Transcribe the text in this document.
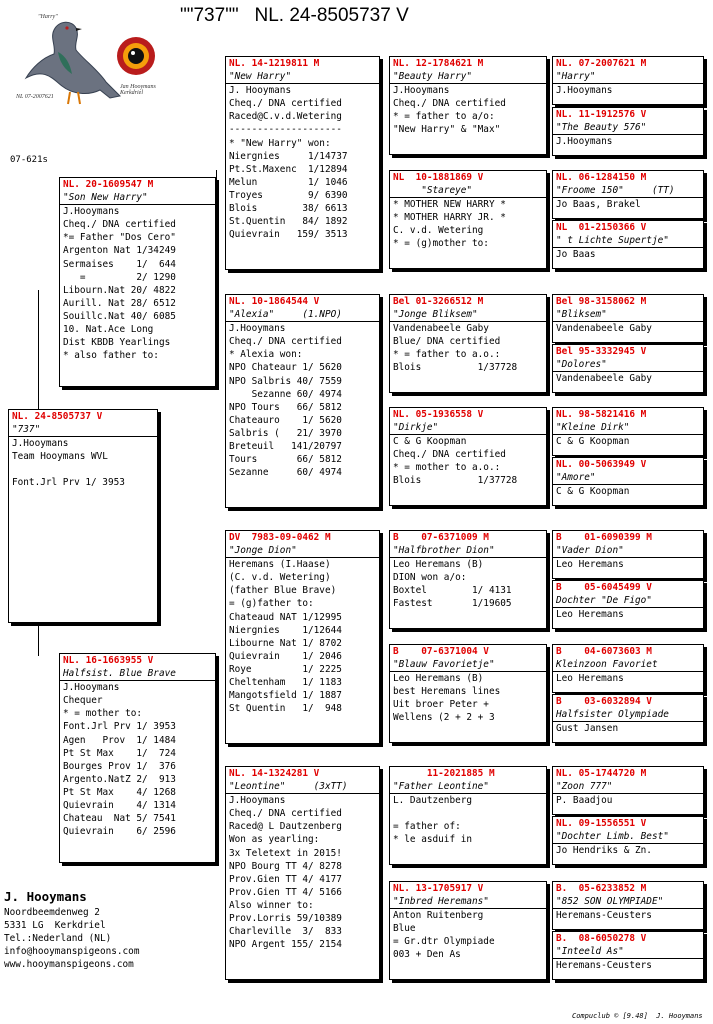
""737""   NL. 24-8505737 V
"Harry"
Jan Hooymans
Kerkdriel
NL 07-2007621
07-621s
NL. 24-8505737 V
"737"
J.Hooymans
Team Hooymans WVL
Font.Jrl Prv 1/ 3953
NL. 20-1609547 M
"Son New Harry"
J.Hooymans
Cheq./ DNA certified
*= Father "Dos Cero"
Argenton Nat 1/34249
Sermaises    1/  644
=         2/ 1290
Libourn.Nat 20/ 4822
Aurill. Nat 28/ 6512
Souillc.Nat 40/ 6085
10. Nat.Ace Long
Dist KBDB Yearlings
* also father to:
NL. 16-1663955 V
Halfsist. Blue Brave
J.Hooymans
Chequer
* = mother to:
Font.Jrl Prv 1/ 3953
Agen   Prov  1/ 1484
Pt St Max    1/  724
Bourges Prov 1/  376
Argento.NatZ 2/  913
Pt St Max    4/ 1268
Quievrain    4/ 1314
Chateau  Nat 5/ 7541
Quievrain    6/ 2596
NL. 14-1219811 M
"New Harry"
J. Hooymans
Cheq./ DNA certified
Raced@C.v.d.Wetering
--------------------
* "New Harry" won:
Niergnies     1/14737
Pt.St.Maxenc  1/12894
Melun         1/ 1046
Troyes        9/ 6390
Blois        38/ 6613
St.Quentin   84/ 1892
Quievrain   159/ 3513
NL. 10-1864544 V
"Alexia"     (1.NPO)
J.Hooymans
Cheq./ DNA certified
* Alexia won:
NPO Chateaur 1/ 5620
NPO Salbris 40/ 7559
Sezanne 60/ 4974
NPO Tours   66/ 5812
Chateauro    1/ 5620
Salbris (   21/ 3970
Breteuil   141/20797
Tours       66/ 5812
Sezanne     60/ 4974
DV  7983-09-0462 M
"Jonge Dion"
Heremans (I.Haase)
(C. v.d. Wetering)
(father Blue Brave)
= (g)father to:
Chateaud NAT 1/12995
Niergnies    1/12644
Libourne Nat 1/ 8702
Quievrain    1/ 2046
Roye         1/ 2225
Cheltenham   1/ 1183
Mangotsfield 1/ 1887
St Quentin   1/  948
NL. 14-1324281 V
"Leontine"     (3xTT)
J.Hooymans
Cheq./ DNA certified
Raced@ L Dautzenberg
Won as yearling:
3x Teletext in 2015!
NPO Bourg TT 4/ 8278
Prov.Gien TT 4/ 4177
Prov.Gien TT 4/ 5166
Also winner to:
Prov.Lorris 59/10389
Charleville  3/  833
NPO Argent 155/ 2154
NL. 12-1784621 M
"Beauty Harry"
J.Hooymans
Cheq./ DNA certified
* = father to a/o:
"New Harry" & "Max"
NL  10-1881869 V
"Stareye"
* MOTHER NEW HARRY *
* MOTHER HARRY JR. *
C. v.d. Wetering
* = (g)mother to:
Bel 01-3266512 M
"Jonge Bliksem"
Vandenabeele Gaby
Blue/ DNA certified
* = father to a.o.:
Blois          1/37728
NL. 05-1936558 V
"Dirkje"
C & G Koopman
Cheq./ DNA certified
* = mother to a.o.:
Blois          1/37728
B    07-6371009 M
"Halfbrother Dion"
Leo Heremans (B)
DION won a/o:
Boxtel        1/ 4131
Fastest       1/19605
B    07-6371004 V
"Blauw Favorietje"
Leo Heremans (B)
best Heremans lines
Uit broer Peter +
Wellens (2 + 2 + 3
11-2021885 M
"Father Leontine"
L. Dautzenberg
= father of:
* le asduif in
NL. 13-1705917 V
"Inbred Heremans"
Anton Ruitenberg
Blue
= Gr.dtr Olympiade
003 + Den As
NL. 07-2007621 M
"Harry"
J.Hooymans
NL. 11-1912576 V
"The Beauty 576"
J.Hooymans
NL. 06-1284150 M
"Froome 150"     (TT)
Jo Baas, Brakel
NL  01-2150366 V
" t Lichte Supertje"
Jo Baas
Bel 98-3158062 M
"Bliksem"
Vandenabeele Gaby
Bel 95-3332945 V
"Dolores"
Vandenabeele Gaby
NL. 98-5821416 M
"Kleine Dirk"
C & G Koopman
NL. 00-5063949 V
"Amore"
C & G Koopman
B    01-6090399 M
"Vader Dion"
Leo Heremans
B    05-6045499 V
Dochter "De Figo"
Leo Heremans
B    04-6073603 M
Kleinzoon Favoriet
Leo Heremans
B    03-6032894 V
Halfsister Olympiade
Gust Jansen
NL. 05-1744720 M
"Zoon 777"
P. Baadjou
NL. 09-1556551 V
"Dochter Limb. Best"
Jo Hendriks & Zn.
B.  05-6233852 M
"852 SON OLYMPIADE"
Heremans-Ceusters
B.  08-6050278 V
"Inteeld As"
Heremans-Ceusters
J. Hooymans
Noordbeemdenweg 2
5331 LG  Kerkdriel
Tel.:Nederland (NL)
info@hooymanspigeons.com
www.hooymanspigeons.com
Compuclub © [9.48]  J. Hooymans
